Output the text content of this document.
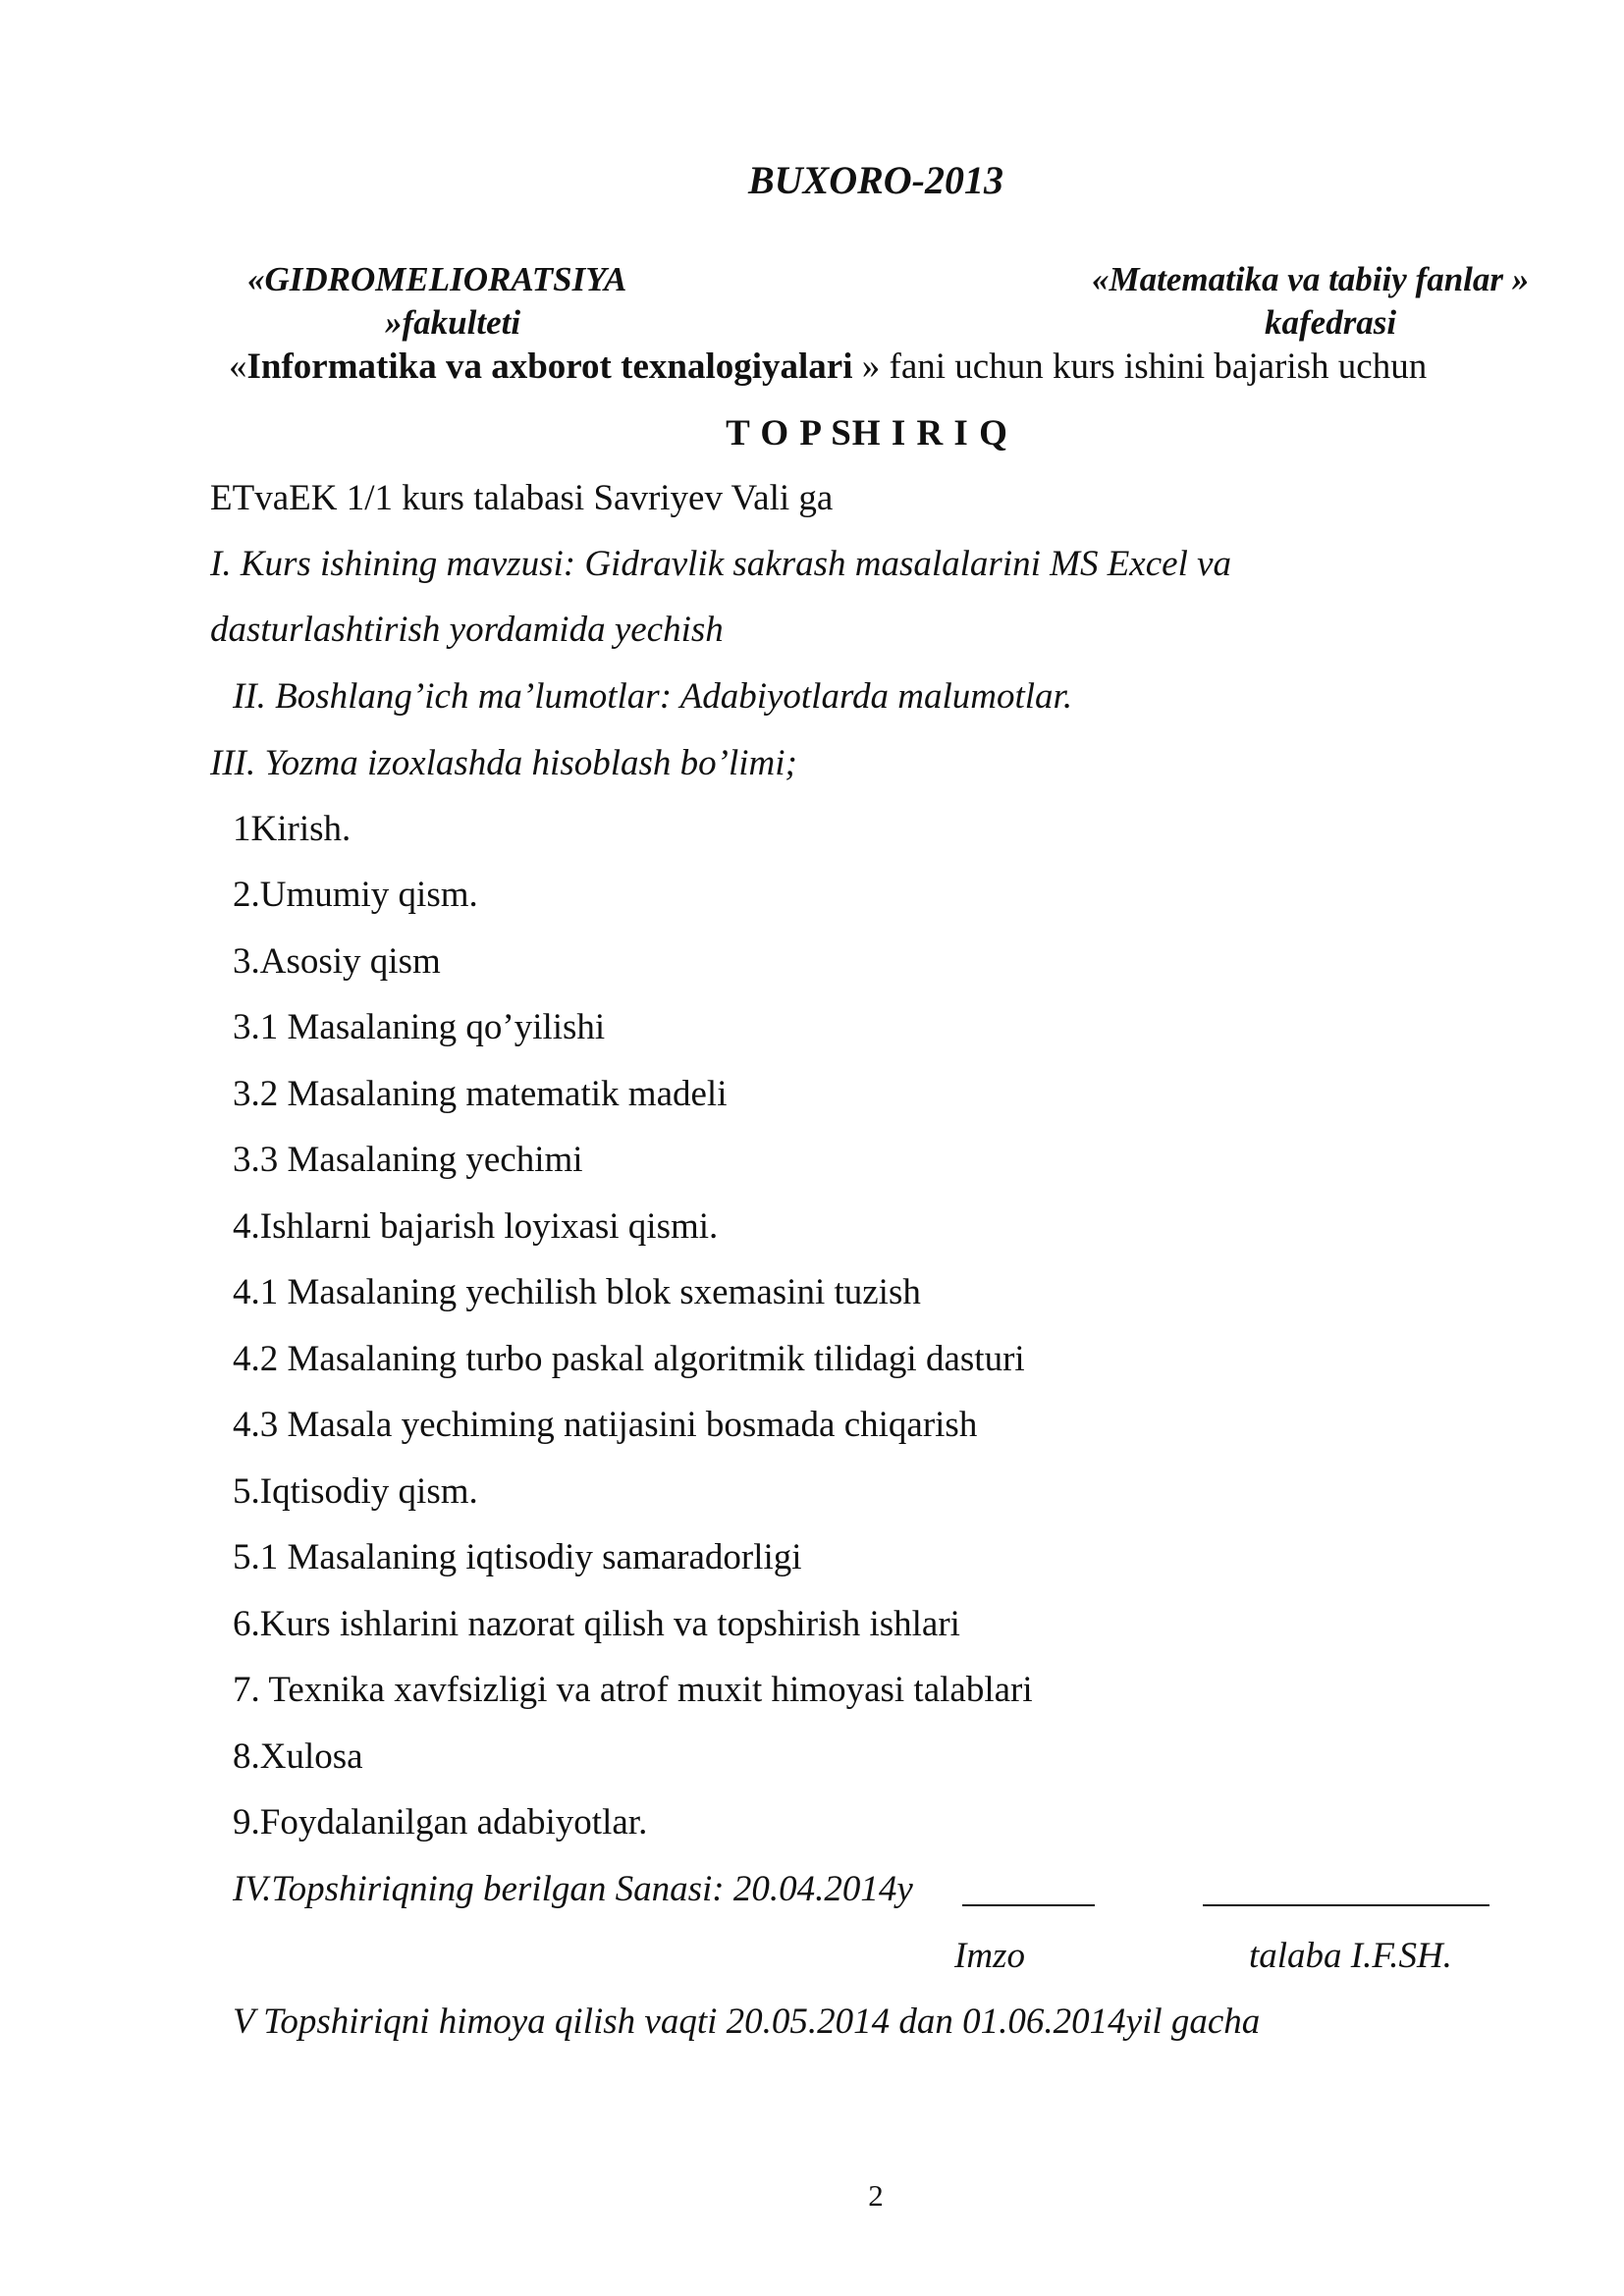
BUXORO-2013
«GIDROMELIORATSIYA
»fakulteti
«Matematika va tabiiy fanlar »
kafedrasi
«Informatika va axborot texnalogiyalari » fani uchun kurs ishini bajarish uchun
T O P SH I R I Q
ETvaEK 1/1 kurs talabasi Savriyev Vali ga
I. Kurs ishining mavzusi: Gidravlik sakrash masalalarini MS Excel va
dasturlashtirish yordamida yechish
II. Boshlang’ich ma’lumotlar: Adabiyotlarda malumotlar.
III. Yozma izoxlashda hisoblash bo’limi;
1Kirish.
2.Umumiy qism.
3.Asosiy qism
3.1 Masalaning qo’yilishi
3.2 Masalaning matematik madeli
3.3 Masalaning yechimi
4.Ishlarni bajarish loyixasi qismi.
4.1 Masalaning yechilish blok sxemasini tuzish
4.2 Masalaning turbo paskal algoritmik tilidagi dasturi
4.3 Masala yechiming natijasini bosmada chiqarish
5.Iqtisodiy qism.
5.1 Masalaning iqtisodiy samaradorligi
6.Kurs ishlarini nazorat qilish va topshirish ishlari
7. Texnika xavfsizligi va atrof muxit himoyasi talablari
8.Xulosa
9.Foydalanilgan adabiyotlar.
IV.Topshiriqning berilgan Sanasi: 20.04.2014y
Imzo	talaba I.F.SH.
V Topshiriqni himoya qilish vaqti 20.05.2014 dan 01.06.2014yil gacha
2
